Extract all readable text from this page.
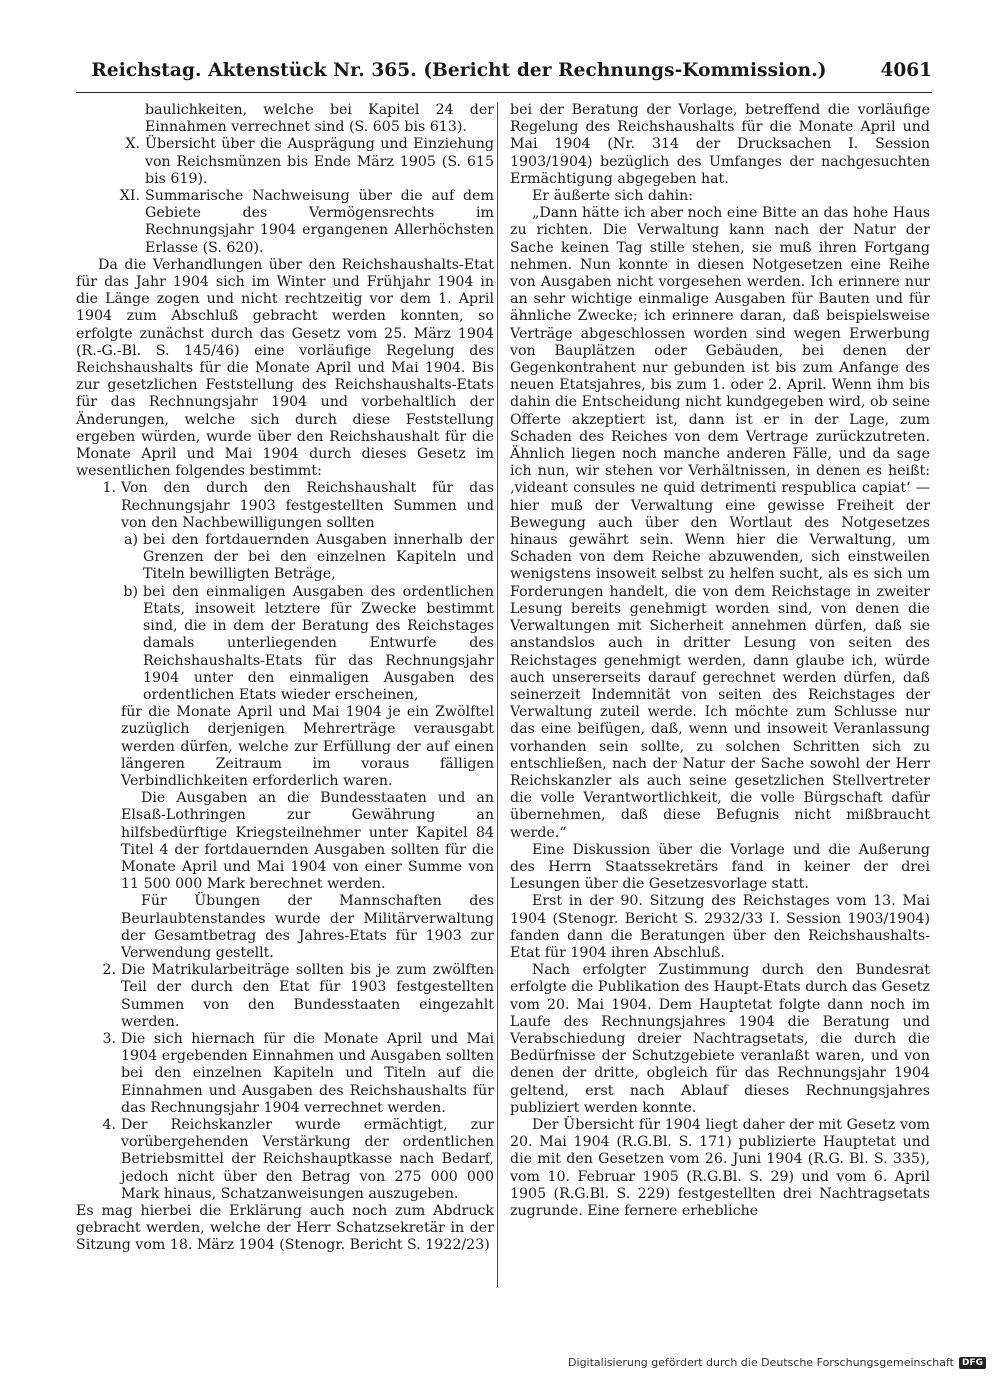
Reichstag. Aktenstück Nr. 365. (Bericht der Rechnungs-Kommission.)	4061
baulichkeiten, welche bei Kapitel 24 der Einnahmen verrechnet sind (S. 605 bis 613).
X. Übersicht über die Ausprägung und Einziehung von Reichsmünzen bis Ende März 1905 (S. 615 bis 619).
XI. Summarische Nachweisung über die auf dem Gebiete des Vermögensrechts im Rechnungsjahr 1904 ergangenen Allerhöchsten Erlasse (S. 620).

Da die Verhandlungen über den Reichshaushalts-Etat für das Jahr 1904 sich im Winter und Frühjahr 1904 in die Länge zogen und nicht rechtzeitig vor dem 1. April 1904 zum Abschluß gebracht werden konnten, so erfolgte zunächst durch das Gesetz vom 25. März 1904 (R.-G.-Bl. S. 145/46) eine vorläufige Regelung des Reichshaushalts für die Monate April und Mai 1904. Bis zur gesetzlichen Feststellung des Reichshaushalts-Etats für das Rechnungsjahr 1904 und vorbehaltlich der Änderungen, welche sich durch diese Feststellung ergeben würden, wurde über den Reichshaushalt für die Monate April und Mai 1904 durch dieses Gesetz im wesentlichen folgendes bestimmt:

1. Von den durch den Reichshaushalt für das Rechnungsjahr 1903 festgestellten Summen und von den Nachbewilligungen sollten
a) bei den fortdauernden Ausgaben innerhalb der Grenzen der bei den einzelnen Kapiteln und Titeln bewilligten Beträge,
b) bei den einmaligen Ausgaben des ordentlichen Etats, insoweit letztere für Zwecke bestimmt sind, die in dem der Beratung des Reichstages damals unterliegenden Entwurfe des Reichshaushalts-Etats für das Rechnungsjahr 1904 unter den einmaligen Ausgaben des ordentlichen Etats wieder erscheinen,

für die Monate April und Mai 1904 je ein Zwölftel zuzüglich derjenigen Mehrerträge verausgabt werden dürfen, welche zur Erfüllung der auf einen längeren Zeitraum im voraus fälligen Verbindlichkeiten erforderlich waren.

Die Ausgaben an die Bundesstaaten und an Elsaß-Lothringen zur Gewährung an hilfsbedürftige Kriegsteilnehmer unter Kapitel 84 Titel 4 der fortdauernden Ausgaben sollten für die Monate April und Mai 1904 von einer Summe von 11 500 000 Mark berechnet werden.

Für Übungen der Mannschaften des Beurlaubtenstandes wurde der Militärverwaltung der Gesamtbetrag des Jahres-Etats für 1903 zur Verwendung gestellt.

2. Die Matrikularbeiträge sollten bis je zum zwölften Teil der durch den Etat für 1903 festgestellten Summen von den Bundesstaaten eingezahlt werden.
3. Die sich hiernach für die Monate April und Mai 1904 ergebenden Einnahmen und Ausgaben sollten bei den einzelnen Kapiteln und Titeln auf die Einnahmen und Ausgaben des Reichshaushalts für das Rechnungsjahr 1904 verrechnet werden.
4. Der Reichskanzler wurde ermächtigt, zur vorübergehenden Verstärkung der ordentlichen Betriebsmittel der Reichshauptkasse nach Bedarf, jedoch nicht über den Betrag von 275 000 000 Mark hinaus, Schatzanweisungen auszugeben.

Es mag hierbei die Erklärung auch noch zum Abdruck gebracht werden, welche der Herr Schatzsekretär in der Sitzung vom 18. März 1904 (Stenogr. Bericht S. 1922/23)

bei der Beratung der Vorlage, betreffend die vorläufige Regelung des Reichshaushalts für die Monate April und Mai 1904 (Nr. 314 der Drucksachen I. Session 1903/1904) bezüglich des Umfanges der nachgesuchten Ermächtigung abgegeben hat.

Er äußerte sich dahin:

„Dann hätte ich aber noch eine Bitte an das hohe Haus zu richten. Die Verwaltung kann nach der Natur der Sache keinen Tag stille stehen, sie muß ihren Fortgang nehmen. Nun konnte in diesen Notgesetzen eine Reihe von Ausgaben nicht vorgesehen werden. Ich erinnere nur an sehr wichtige einmalige Ausgaben für Bauten und für ähnliche Zwecke; ich erinnere daran, daß beispielsweise Verträge abgeschlossen worden sind wegen Erwerbung von Bauplätzen oder Gebäuden, bei denen der Gegenkontrahent nur gebunden ist bis zum Anfange des neuen Etatsjahres, bis zum 1. oder 2. April. Wenn ihm bis dahin die Entscheidung nicht kundgegeben wird, ob seine Offerte akzeptiert ist, dann ist er in der Lage, zum Schaden des Reiches von dem Vertrage zurückzutreten. Ähnlich liegen noch manche anderen Fälle, und da sage ich nun, wir stehen vor Verhältnissen, in denen es heißt: ‚videant consules ne quid detrimenti respublica capiat‘ — hier muß der Verwaltung eine gewisse Freiheit der Bewegung auch über den Wortlaut des Notgesetzes hinaus gewährt sein. Wenn hier die Verwaltung, um Schaden von dem Reiche abzuwenden, sich einstweilen wenigstens insoweit selbst zu helfen sucht, als es sich um Forderungen handelt, die von dem Reichstage in zweiter Lesung bereits genehmigt worden sind, von denen die Verwaltungen mit Sicherheit annehmen dürfen, daß sie anstandslos auch in dritter Lesung von seiten des Reichstages genehmigt werden, dann glaube ich, würde auch unsererseits darauf gerechnet werden dürfen, daß seinerzeit Indemnität von seiten des Reichstages der Verwaltung zuteil werde. Ich möchte zum Schlusse nur das eine beifügen, daß, wenn und insoweit Veranlassung vorhanden sein sollte, zu solchen Schritten sich zu entschließen, nach der Natur der Sache sowohl der Herr Reichskanzler als auch seine gesetzlichen Stellvertreter die volle Verantwortlichkeit, die volle Bürgschaft dafür übernehmen, daß diese Befugnis nicht mißbraucht werde.“

Eine Diskussion über die Vorlage und die Außerung des Herrn Staatssekretärs fand in keiner der drei Lesungen über die Gesetzesvorlage statt.

Erst in der 90. Sitzung des Reichstages vom 13. Mai 1904 (Stenogr. Bericht S. 2932/33 I. Session 1903/1904) fanden dann die Beratungen über den Reichshaushalts-Etat für 1904 ihren Abschluß.

Nach erfolgter Zustimmung durch den Bundesrat erfolgte die Publikation des Haupt-Etats durch das Gesetz vom 20. Mai 1904. Dem Hauptetat folgte dann noch im Laufe des Rechnungsjahres 1904 die Beratung und Verabschiedung dreier Nachtragsetats, die durch die Bedürfnisse der Schutzgebiete veranlaßt waren, und von denen der dritte, obgleich für das Rechnungsjahr 1904 geltend, erst nach Ablauf dieses Rechnungsjahres publiziert werden konnte.

Der Übersicht für 1904 liegt daher der mit Gesetz vom 20. Mai 1904 (R.G.Bl. S. 171) publizierte Hauptetat und die mit den Gesetzen vom 26. Juni 1904 (R.G. Bl. S. 335), vom 10. Februar 1905 (R.G.Bl. S. 29) und vom 6. April 1905 (R.G.Bl. S. 229) festgestellten drei Nachtragsetats zugrunde. Eine fernere erhebliche

Digitalisierung gefördert durch die Deutsche Forschungsgemeinschaft DFG
